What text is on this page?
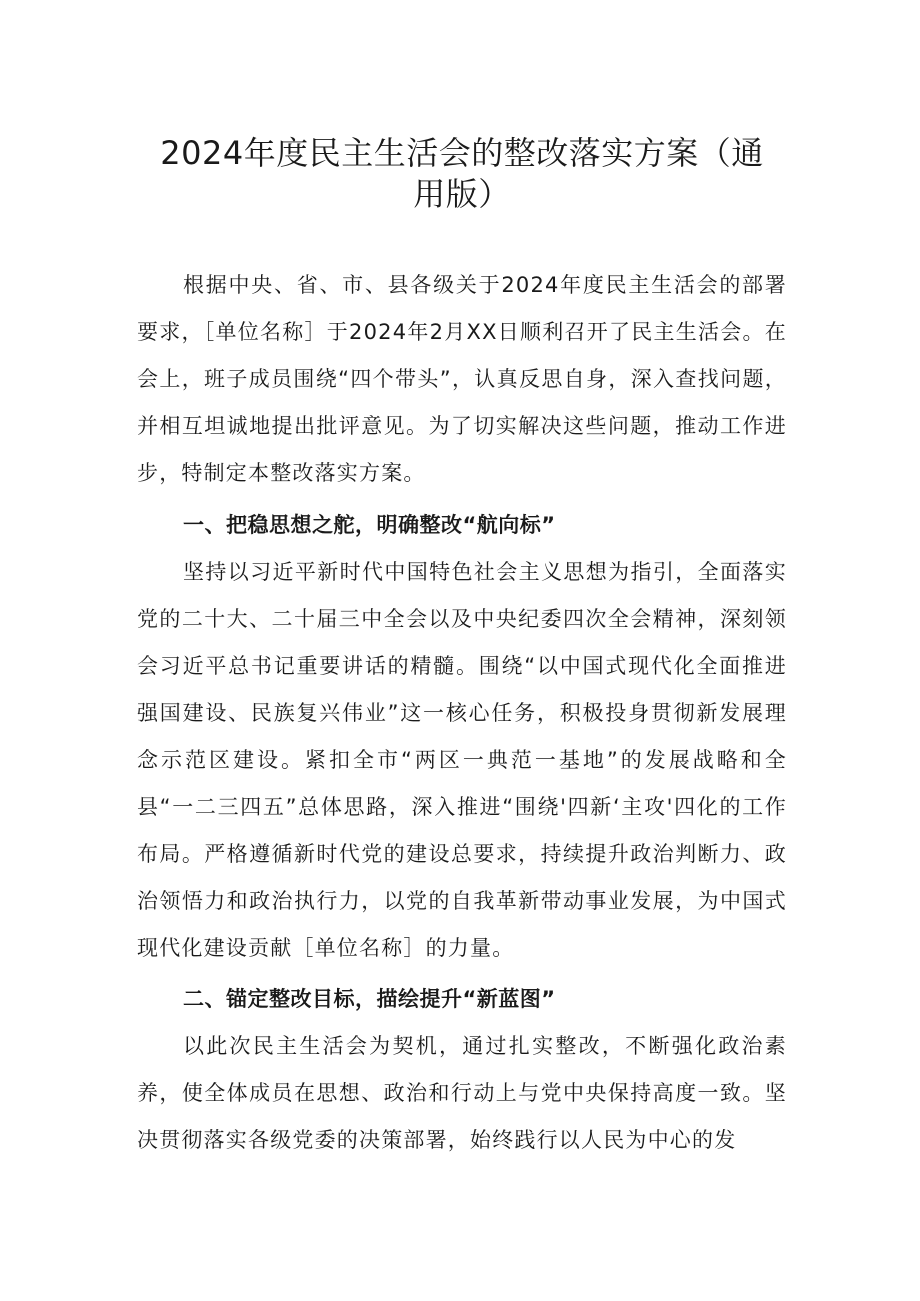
2024年度民主生活会的整改落实方案（通
用版）

根据中央、省、市、县各级关于2024年度民主生活会的部署要求，［单位名称］于2024年2月XX日顺利召开了民主生活会。在会上，班子成员围绕“四个带头”，认真反思自身，深入查找问题，并相互坦诚地提出批评意见。为了切实解决这些问题，推动工作进步，特制定本整改落实方案。

一、把稳思想之舵，明确整改“航向标”

坚持以习近平新时代中国特色社会主义思想为指引，全面落实党的二十大、二十届三中全会以及中央纪委四次全会精神，深刻领会习近平总书记重要讲话的精髓。围绕“以中国式现代化全面推进强国建设、民族复兴伟业”这一核心任务，积极投身贯彻新发展理念示范区建设。紧扣全市“两区一典范一基地”的发展战略和全县“一二三四五”总体思路，深入推进“围绕'四新‘主攻'四化的工作布局。严格遵循新时代党的建设总要求，持续提升政治判断力、政治领悟力和政治执行力，以党的自我革新带动事业发展，为中国式现代化建设贡献［单位名称］的力量。

二、锚定整改目标，描绘提升“新蓝图”

以此次民主生活会为契机，通过扎实整改，不断强化政治素养，使全体成员在思想、政治和行动上与党中央保持高度一致。坚决贯彻落实各级党委的决策部署，始终践行以人民为中心的发
